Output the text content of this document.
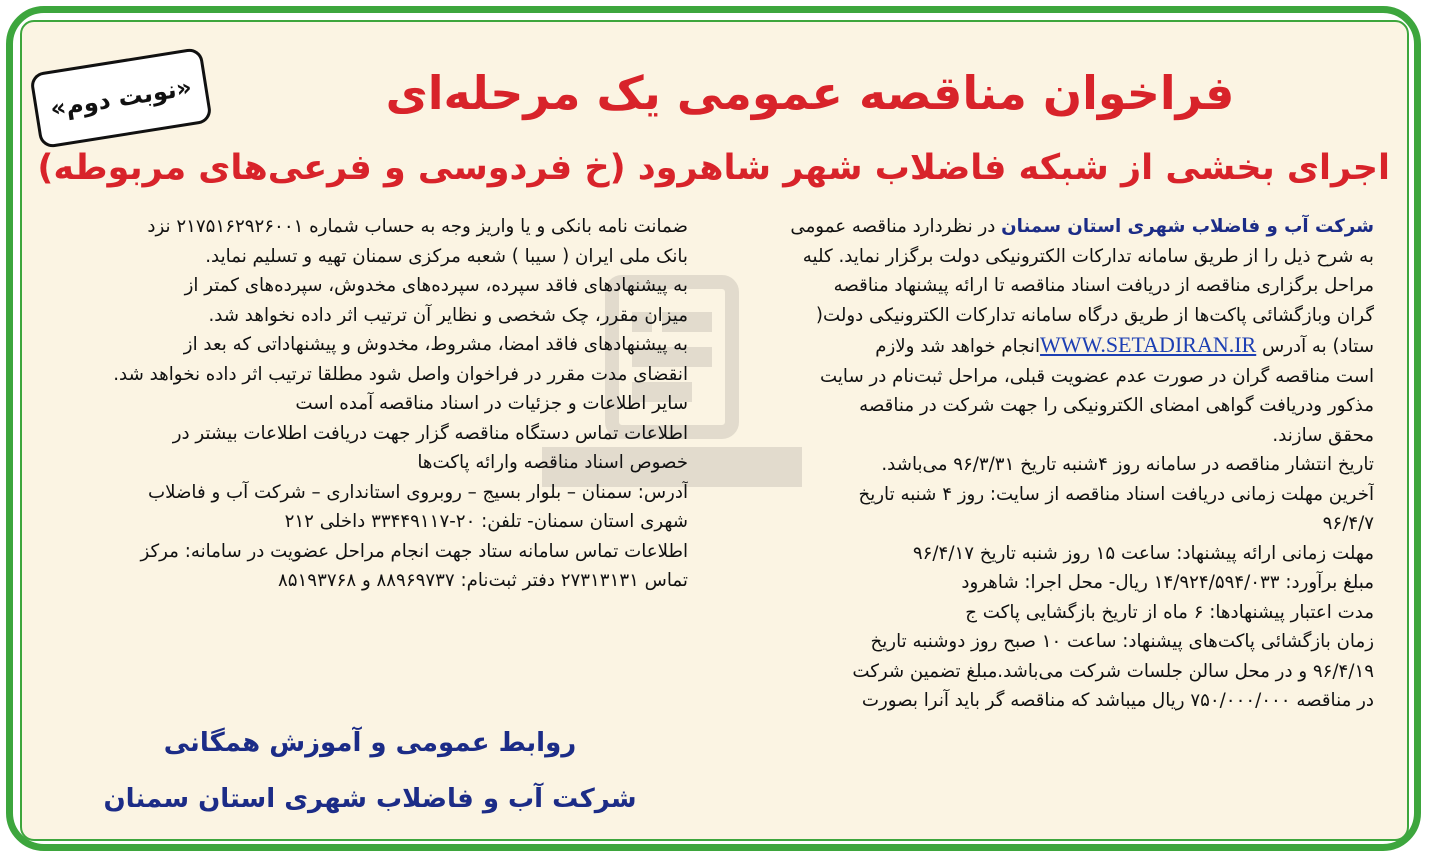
«نوبت دوم»	فراخوان مناقصه عمومی یک مرحله‌ای
اجرای بخشی از شبکه فاضلاب شهر شاهرود (خ فردوسی و فرعی‌های مربوطه)
شرکت آب و فاضلاب شهری استان سمنان در نظردارد مناقصه عمومی
به شرح ذیل را از طریق سامانه تدارکات الکترونیکی دولت برگزار نماید. کلیه
مراحل برگزاری مناقصه از دریافت اسناد مناقصه تا ارائه پیشنهاد مناقصه
گران وبازگشائی پاکت‌ها از طریق درگاه سامانه تدارکات الکترونیکی دولت(
ستاد) به آدرس WWW.SETADIRAN.IRانجام خواهد شد ولازم
است مناقصه گران در صورت عدم عضویت قبلی، مراحل ثبت‌نام در سایت
مذکور ودریافت گواهی امضای الکترونیکی را جهت شرکت در مناقصه
محقق سازند.
تاریخ انتشار مناقصه در سامانه روز ۴شنبه تاریخ ۹۶/۳/۳۱ می‌باشد.
آخرین مهلت زمانی دریافت اسناد مناقصه از سایت: روز ۴ شنبه تاریخ
۹۶/۴/۷
مهلت زمانی ارائه پیشنهاد: ساعت ۱۵ روز شنبه تاریخ ۹۶/۴/۱۷
مبلغ برآورد: ۱۴/۹۲۴/۵۹۴/۰۳۳ ریال- محل اجرا: شاهرود
مدت اعتبار پیشنهادها: ۶ ماه از تاریخ بازگشایی پاکت ج
زمان بازگشائی پاکت‌های پیشنهاد: ساعت ۱۰ صبح روز دوشنبه تاریخ
۹۶/۴/۱۹ و در محل سالن جلسات شرکت می‌باشد.مبلغ تضمین شرکت
در مناقصه ۷۵۰/۰۰۰/۰۰۰ ریال میباشد که مناقصه گر باید آنرا بصورت
ضمانت نامه بانکی و یا واریز وجه به حساب شماره ۲۱۷۵۱۶۲۹۲۶۰۰۱ نزد
بانک ملی ایران ( سیبا ) شعبه مرکزی سمنان تهیه و تسلیم نماید.
به پیشنهادهای فاقد سپرده، سپرده‌های مخدوش، سپرده‌های کمتر از
میزان مقرر، چک شخصی و نظایر آن ترتیب اثر داده نخواهد شد.
به پیشنهادهای فاقد امضا، مشروط، مخدوش و پیشنهاداتی که بعد از
انقضای مدت مقرر در فراخوان واصل شود مطلقا ترتیب اثر داده نخواهد شد.
سایر اطلاعات و جزئیات در اسناد مناقصه آمده است
اطلاعات تماس دستگاه مناقصه گزار جهت دریافت اطلاعات بیشتر در
خصوص اسناد مناقصه وارائه پاکت‌ها
آدرس: سمنان – بلوار بسیج – روبروی استانداری – شرکت آب و فاضلاب
شهری استان سمنان- تلفن: ۲۰-۳۳۴۴۹۱۱۷ داخلی ۲۱۲
اطلاعات تماس سامانه ستاد جهت انجام مراحل عضویت در سامانه: مرکز
تماس ۲۷۳۱۳۱۳۱ دفتر ثبت‌نام: ۸۸۹۶۹۷۳۷ و ۸۵۱۹۳۷۶۸
روابط عمومی و آموزش همگانی
شرکت آب و فاضلاب شهری استان سمنان
